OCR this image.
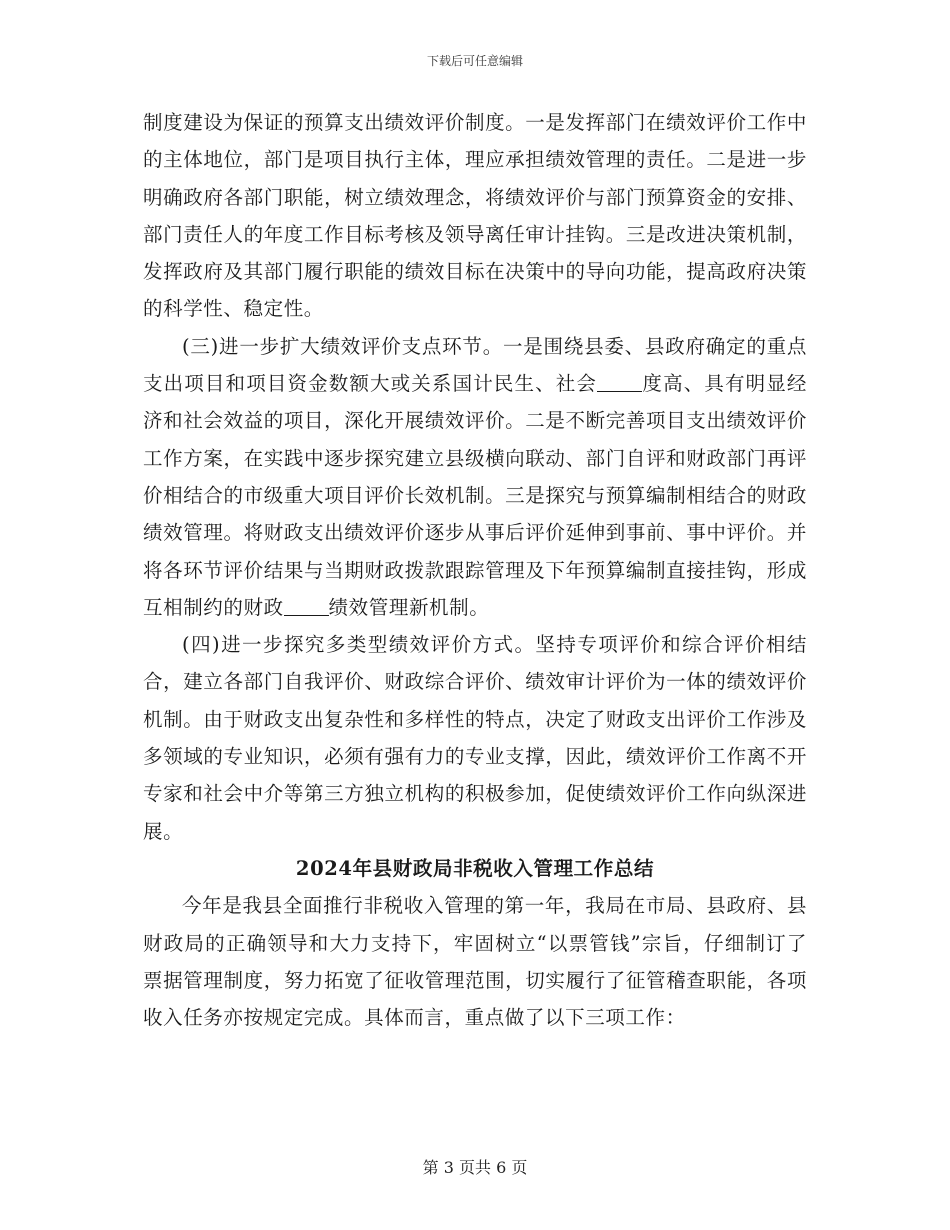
下载后可任意编辑

制度建设为保证的预算支出绩效评价制度。一是发挥部门在绩效评价工作中的主体地位，部门是项目执行主体，理应承担绩效管理的责任。二是进一步明确政府各部门职能，树立绩效理念，将绩效评价与部门预算资金的安排、部门责任人的年度工作目标考核及领导离任审计挂钩。三是改进决策机制，发挥政府及其部门履行职能的绩效目标在决策中的导向功能，提高政府决策的科学性、稳定性。

(三)进一步扩大绩效评价支点环节。一是围绕县委、县政府确定的重点支出项目和项目资金数额大或关系国计民生、社会 度高、具有明显经济和社会效益的项目，深化开展绩效评价。二是不断完善项目支出绩效评价工作方案，在实践中逐步探究建立县级横向联动、部门自评和财政部门再评价相结合的市级重大项目评价长效机制。三是探究与预算编制相结合的财政绩效管理。将财政支出绩效评价逐步从事后评价延伸到事前、事中评价。并将各环节评价结果与当期财政拨款跟踪管理及下年预算编制直接挂钩，形成互相制约的财政 绩效管理新机制。

(四)进一步探究多类型绩效评价方式。坚持专项评价和综合评价相结合，建立各部门自我评价、财政综合评价、绩效审计评价为一体的绩效评价机制。由于财政支出复杂性和多样性的特点，决定了财政支出评价工作涉及多领域的专业知识，必须有强有力的专业支撑，因此，绩效评价工作离不开专家和社会中介等第三方独立机构的积极参加，促使绩效评价工作向纵深进展。

2024年县财政局非税收入管理工作总结

今年是我县全面推行非税收入管理的第一年，我局在市局、县政府、县财政局的正确领导和大力支持下，牢固树立“以票管钱”宗旨，仔细制订了票据管理制度，努力拓宽了征收管理范围，切实履行了征管稽查职能，各项收入任务亦按规定完成。具体而言，重点做了以下三项工作：

第 3 页共 6 页
